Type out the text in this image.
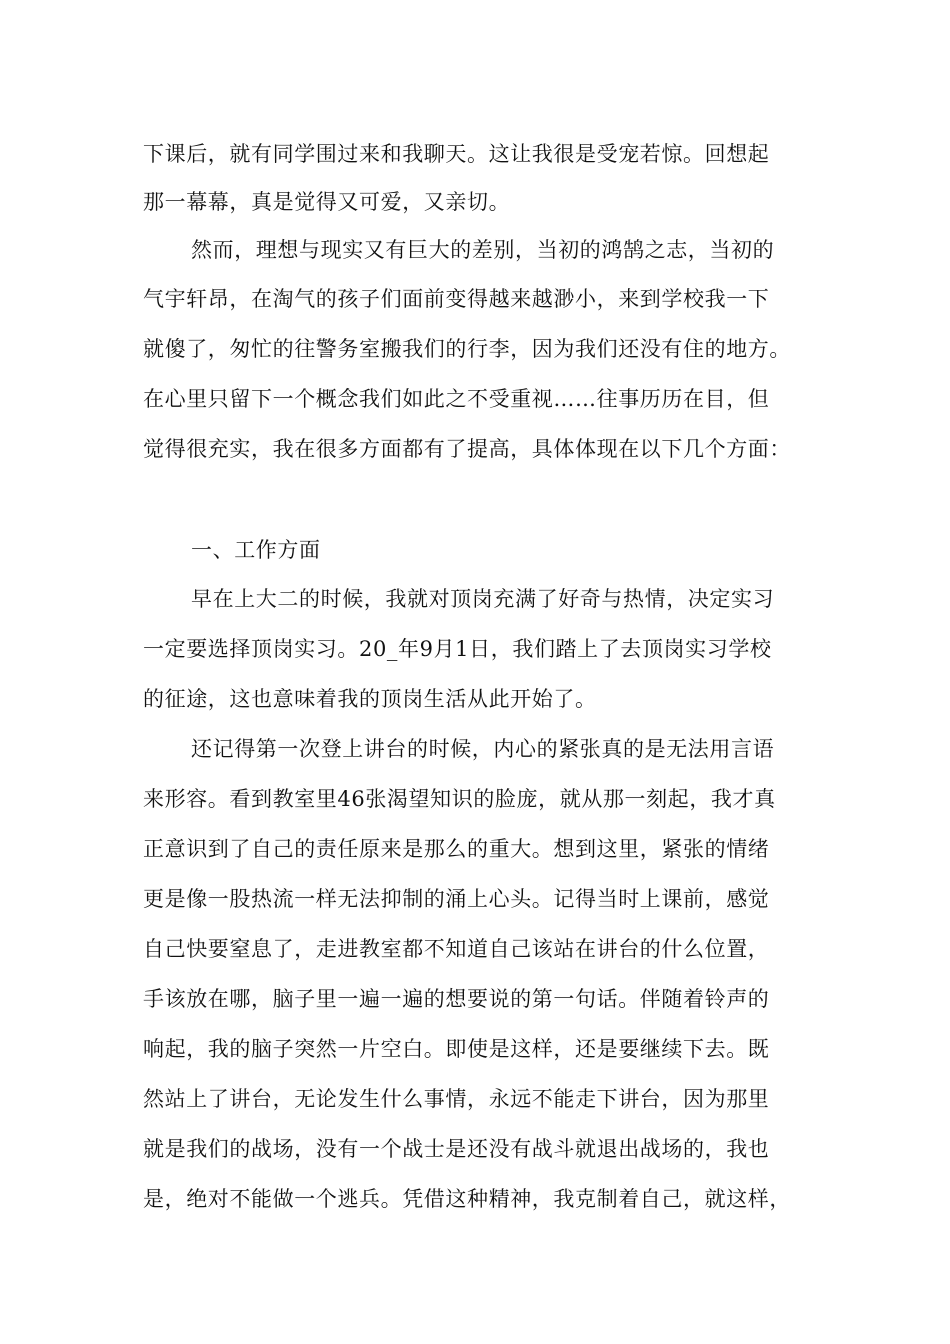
下课后，就有同学围过来和我聊天。这让我很是受宠若惊。回想起
那一幕幕，真是觉得又可爱，又亲切。
然而，理想与现实又有巨大的差别，当初的鸿鹄之志，当初的
气宇轩昂，在淘气的孩子们面前变得越来越渺小，来到学校我一下
就傻了，匆忙的往警务室搬我们的行李，因为我们还没有住的地方。
在心里只留下一个概念我们如此之不受重视……往事历历在目，但
觉得很充实，我在很多方面都有了提高，具体体现在以下几个方面：
一、工作方面
早在上大二的时候，我就对顶岗充满了好奇与热情，决定实习
一定要选择顶岗实习。20_年9月1日，我们踏上了去顶岗实习学校
的征途，这也意味着我的顶岗生活从此开始了。
还记得第一次登上讲台的时候，内心的紧张真的是无法用言语
来形容。看到教室里46张渴望知识的脸庞，就从那一刻起，我才真
正意识到了自己的责任原来是那么的重大。想到这里，紧张的情绪
更是像一股热流一样无法抑制的涌上心头。记得当时上课前，感觉
自己快要窒息了，走进教室都不知道自己该站在讲台的什么位置，
手该放在哪，脑子里一遍一遍的想要说的第一句话。伴随着铃声的
响起，我的脑子突然一片空白。即使是这样，还是要继续下去。既
然站上了讲台，无论发生什么事情，永远不能走下讲台，因为那里
就是我们的战场，没有一个战士是还没有战斗就退出战场的，我也
是，绝对不能做一个逃兵。凭借这种精神，我克制着自己，就这样，
